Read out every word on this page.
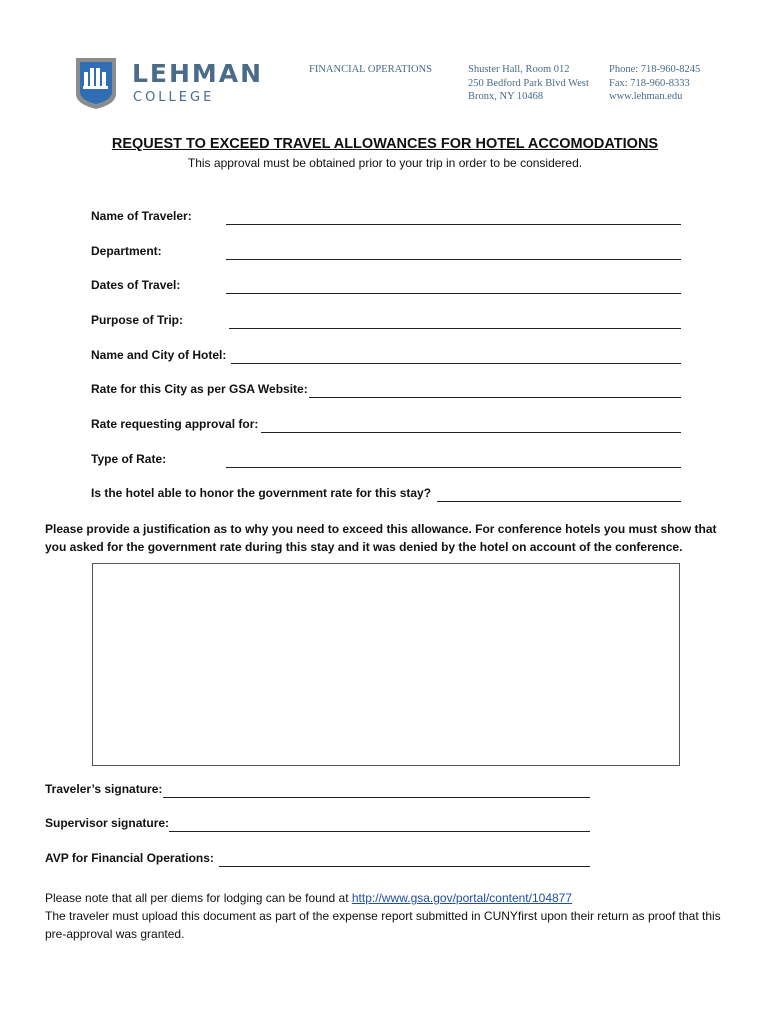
LEHMAN
COLLEGE
FINANCIAL OPERATIONS	Shuster Hall, Room 012
250 Bedford Park Blvd West
Bronx, NY 10468
Phone: 718-960-8245
Fax: 718-960-8333
www.lehman.edu
REQUEST TO EXCEED TRAVEL ALLOWANCES FOR HOTEL ACCOMODATIONS
This approval must be obtained prior to your trip in order to be considered.
Name of Traveler:
Department:
Dates of Travel:
Purpose of Trip:
Name and City of Hotel:
Rate for this City as per GSA Website:
Rate requesting approval for:
Type of Rate:
Is the hotel able to honor the government rate for this stay?
Please provide a justification as to why you need to exceed this allowance. For conference hotels you must show that you asked for the government rate during this stay and it was denied by the hotel on account of the conference.
Traveler’s signature:
Supervisor signature:
AVP for Financial Operations:
Please note that all per diems for lodging can be found at http://www.gsa.gov/portal/content/104877
The traveler must upload this document as part of the expense report submitted in CUNYfirst upon their return as proof that this pre-approval was granted.
